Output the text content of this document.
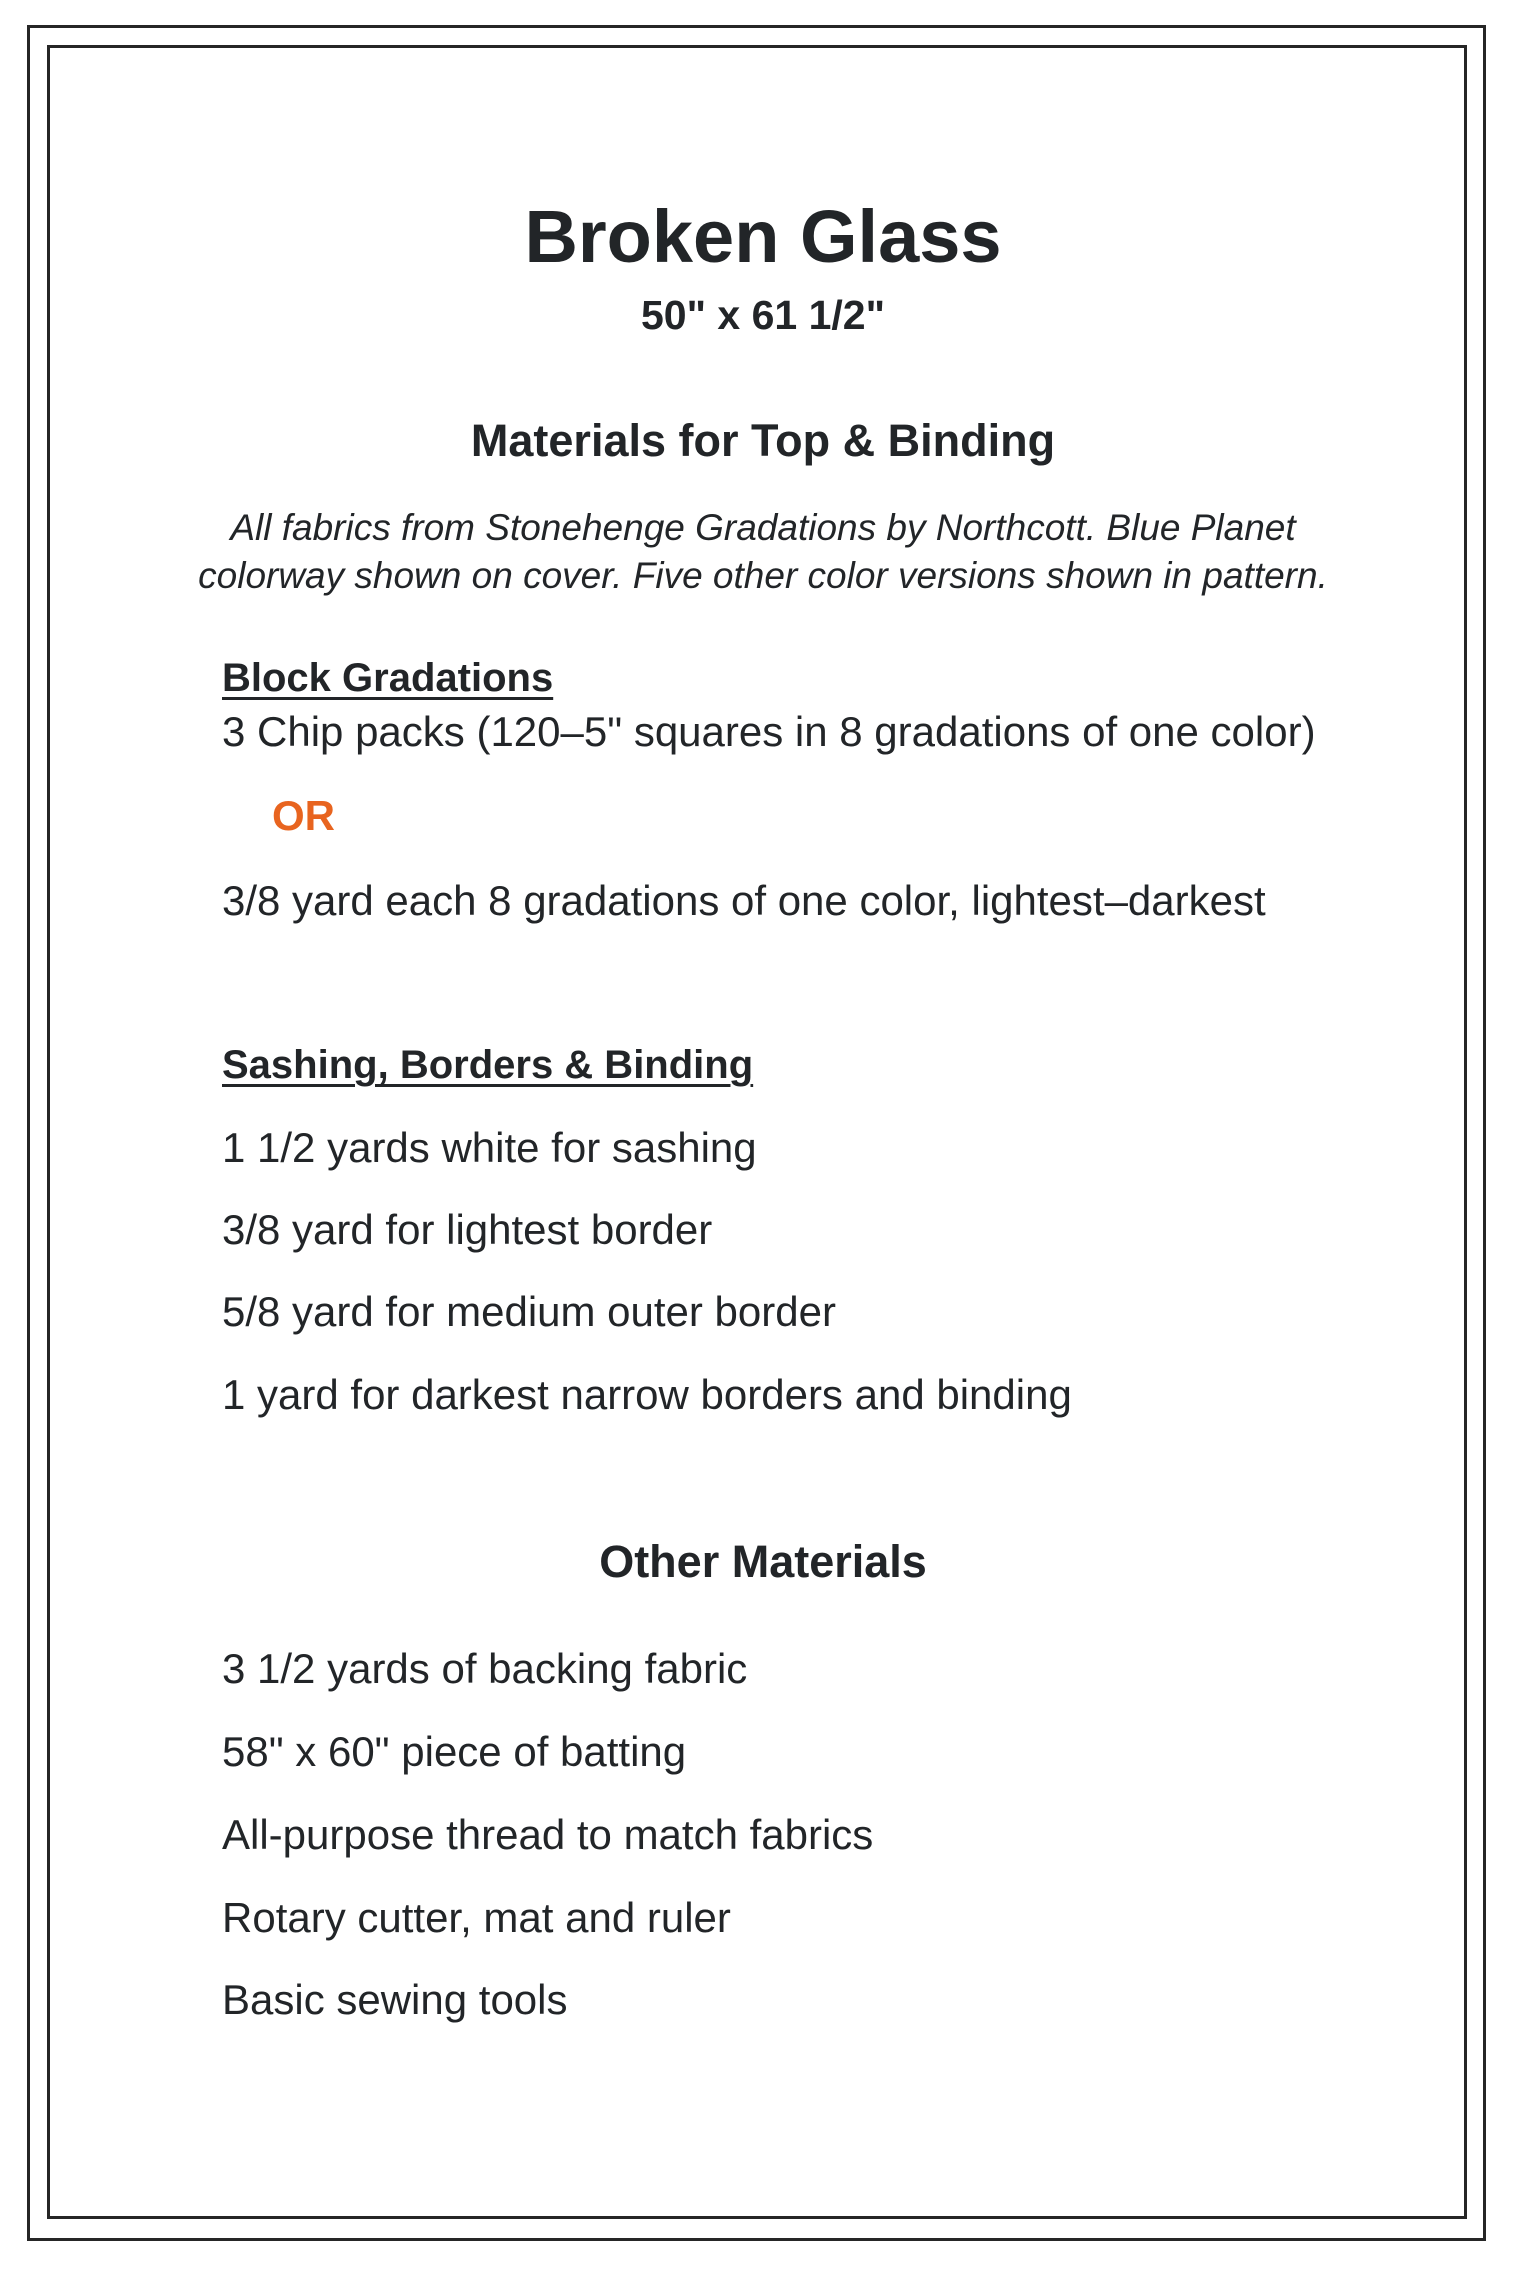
Broken Glass
50" x 61 1/2"
Materials for Top & Binding
All fabrics from Stonehenge Gradations by Northcott. Blue Planet
colorway shown on cover. Five other color versions shown in pattern.
Block Gradations
3 Chip packs (120–5" squares in 8 gradations of one color)
OR
3/8 yard each 8 gradations of one color, lightest–darkest
Sashing, Borders & Binding
1 1/2 yards white for sashing
3/8 yard for lightest border
5/8 yard for medium outer border
1 yard for darkest narrow borders and binding
Other Materials
3 1/2 yards of backing fabric
58" x 60" piece of batting
All-purpose thread to match fabrics
Rotary cutter, mat and ruler
Basic sewing tools
